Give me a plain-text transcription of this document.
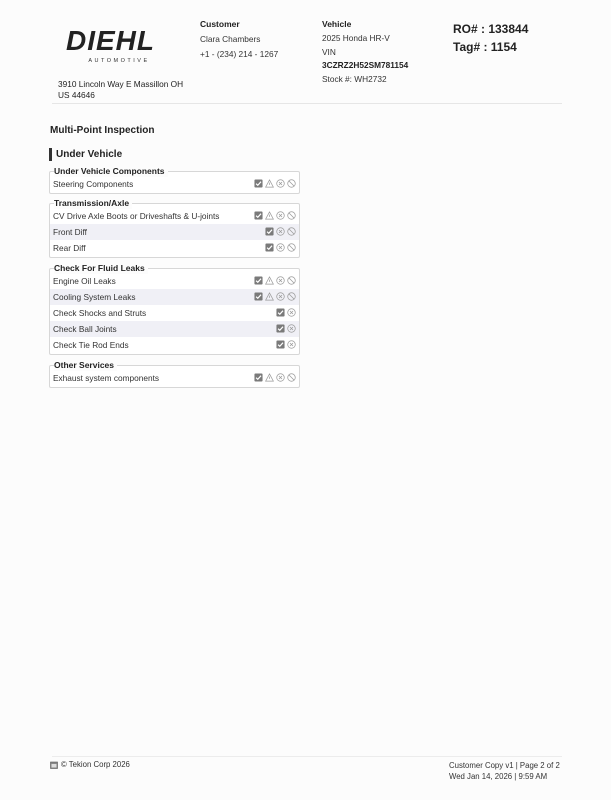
DIEHL
AUTOMOTIVE
3910 Lincoln Way E Massillon OH
US 44646
Customer
Clara Chambers
+1 - (234) 214 - 1267
Vehicle
2025 Honda HR-V
VIN
3CZRZ2H52SM781154
Stock #: WH2732
RO# : 133844
Tag# : 1154
Multi-Point Inspection
Under Vehicle
Under Vehicle Components
Steering Components
Transmission/Axle
CV Drive Axle Boots or Driveshafts & U-joints
Front Diff
Rear Diff
Check For Fluid Leaks
Engine Oil Leaks
Cooling System Leaks
Check Shocks and Struts
Check Ball Joints
Check Tie Rod Ends
Other Services
Exhaust system components
© Tekion Corp 2026	Customer Copy v1 | Page 2 of 2
Wed Jan 14, 2026 | 9:59 AM
